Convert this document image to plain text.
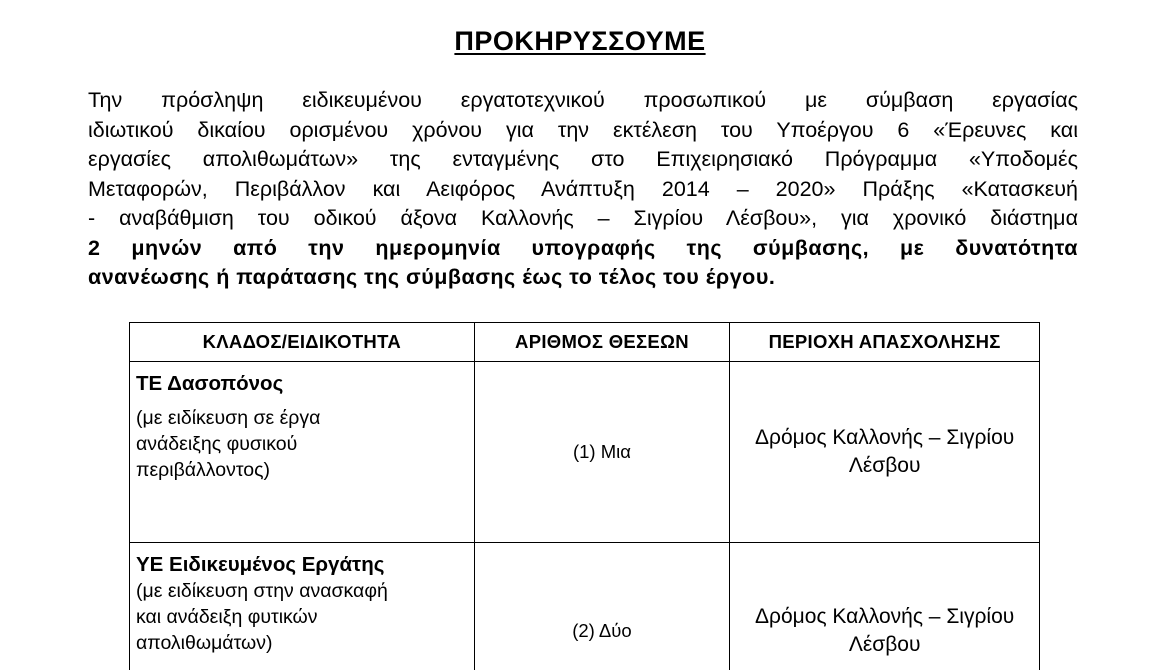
ΠΡΟΚΗΡΥΣΣΟΥΜΕ
Την πρόσληψη ειδικευμένου εργατοτεχνικού προσωπικού με σύμβαση εργασίας
ιδιωτικού δικαίου ορισμένου χρόνου για την εκτέλεση του Υποέργου 6 «Έρευνες και
εργασίες απολιθωμάτων» της ενταγμένης στο Επιχειρησιακό Πρόγραμμα «Υποδομές
Μεταφορών, Περιβάλλον και Αειφόρος Ανάπτυξη 2014 – 2020» Πράξης «Κατασκευή
- αναβάθμιση του οδικού άξονα Καλλονής – Σιγρίου Λέσβου», για χρονικό διάστημα
2 μηνών από την ημερομηνία υπογραφής της σύμβασης, με δυνατότητα
ανανέωσης ή παράτασης της σύμβασης έως το τέλος του έργου.
ΚΛΑΔΟΣ/ΕΙΔΙΚΟΤΗΤΑ	ΑΡΙΘΜΟΣ ΘΕΣΕΩΝ	ΠΕΡΙΟΧΗ ΑΠΑΣΧΟΛΗΣΗΣ

ΤΕ Δασοπόνος
(με ειδίκευση σε έργα
ανάδειξης φυσικού
περιβάλλοντος)	(1) Μια	Δρόμος Καλλονής – Σιγρίου
Λέσβου

ΥΕ Ειδικευμένος Εργάτης
(με ειδίκευση στην ανασκαφή
και ανάδειξη φυτικών
απολιθωμάτων)	(2) Δύο	Δρόμος Καλλονής – Σιγρίου
Λέσβου
